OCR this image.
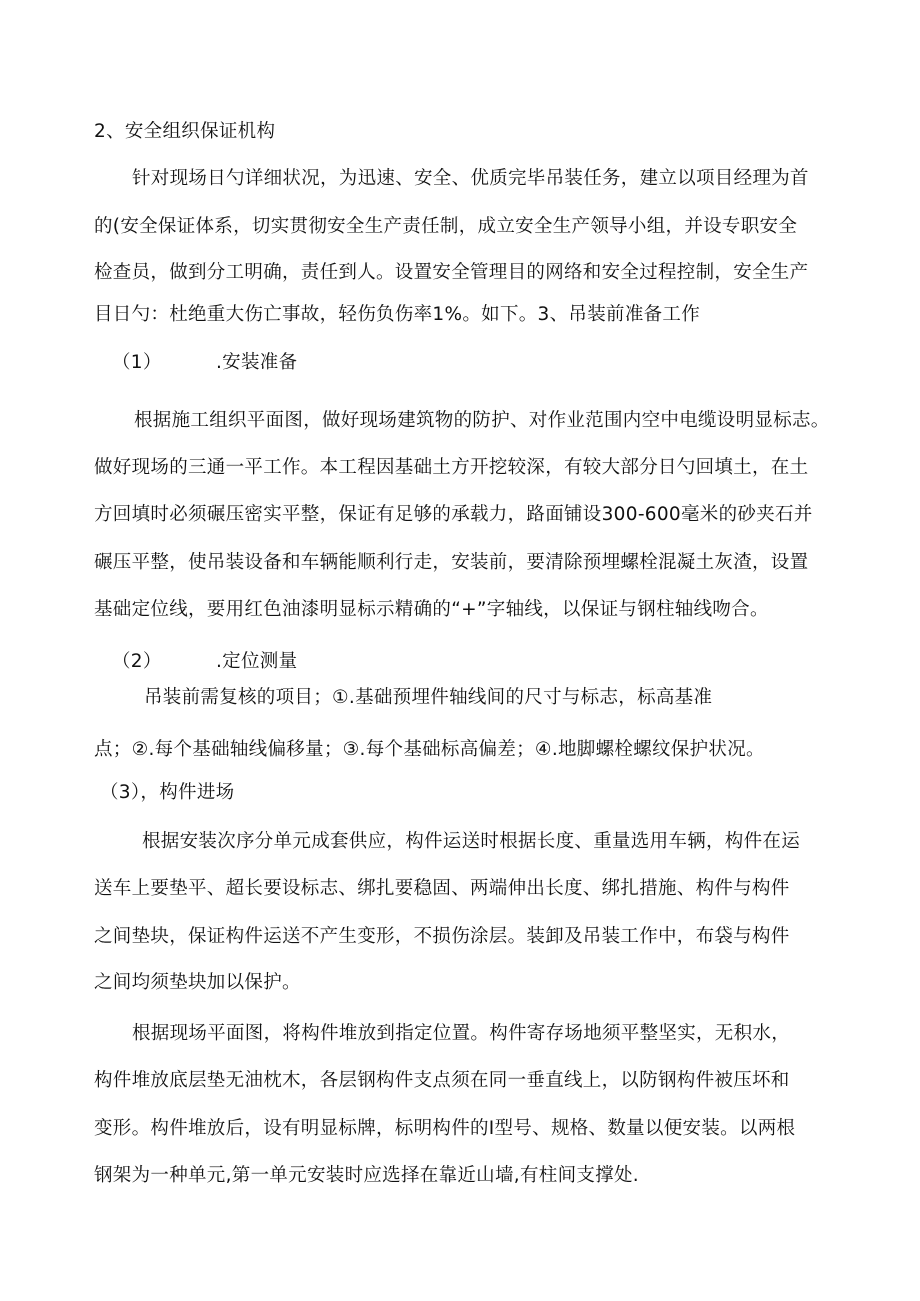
2、安全组织保证机构
针对现场日勺详细状况，为迅速、安全、优质完毕吊装任务，建立以项目经理为首
的(安全保证体系，切实贯彻安全生产责任制，成立安全生产领导小组，并设专职安全
检查员，做到分工明确，责任到人。设置安全管理目的网络和安全过程控制，安全生产
目日勺：杜绝重大伤亡事故，轻伤负伤率1%。如下。3、吊装前准备工作
（1）	.安装准备
根据施工组织平面图，做好现场建筑物的防护、对作业范围内空中电缆设明显标志。
做好现场的三通一平工作。本工程因基础土方开挖较深，有较大部分日勺回填土，在土
方回填时必须碾压密实平整，保证有足够的承载力，路面铺设300-600毫米的砂夹石并
碾压平整，使吊装设备和车辆能顺利行走，安装前，要清除预埋螺栓混凝土灰渣，设置
基础定位线，要用红色油漆明显标示精确的“+”字轴线，以保证与钢柱轴线吻合。
（2）	.定位测量
吊装前需复核的项目；①.基础预埋件轴线间的尺寸与标志，标高基准
点；②.每个基础轴线偏移量；③.每个基础标高偏差；④.地脚螺栓螺纹保护状况。
（3），构件进场
根据安装次序分单元成套供应，构件运送时根据长度、重量选用车辆，构件在运
送车上要垫平、超长要设标志、绑扎要稳固、两端伸出长度、绑扎措施、构件与构件
之间垫块，保证构件运送不产生变形，不损伤涂层。装卸及吊装工作中，布袋与构件
之间均须垫块加以保护。
根据现场平面图，将构件堆放到指定位置。构件寄存场地须平整坚实，无积水，
构件堆放底层垫无油枕木，各层钢构件支点须在同一垂直线上，以防钢构件被压坏和
变形。构件堆放后，设有明显标牌，标明构件的I型号、规格、数量以便安装。以两根
钢架为一种单元,第一单元安装时应选择在靠近山墙,有柱间支撑处.
